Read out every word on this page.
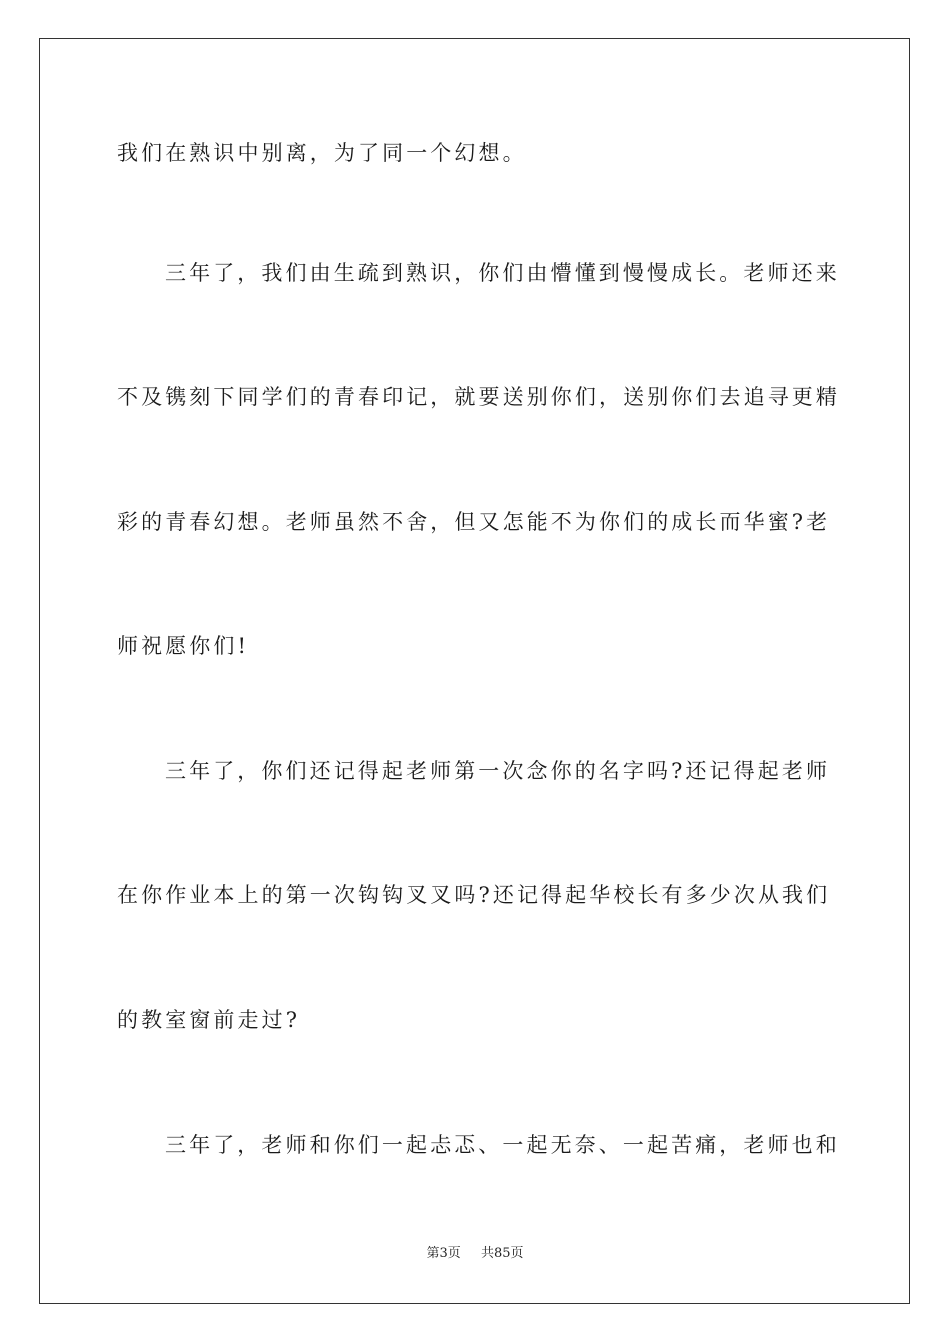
我们在熟识中别离，为了同一个幻想。
三年了，我们由生疏到熟识，你们由懵懂到慢慢成长。老师还来
不及镌刻下同学们的青春印记，就要送别你们，送别你们去追寻更精
彩的青春幻想。老师虽然不舍，但又怎能不为你们的成长而华蜜?老
师祝愿你们!
三年了，你们还记得起老师第一次念你的名字吗?还记得起老师
在你作业本上的第一次钩钩叉叉吗?还记得起华校长有多少次从我们
的教室窗前走过?
三年了，老师和你们一起忐忑、一起无奈、一起苦痛，老师也和
第3页 共85页
